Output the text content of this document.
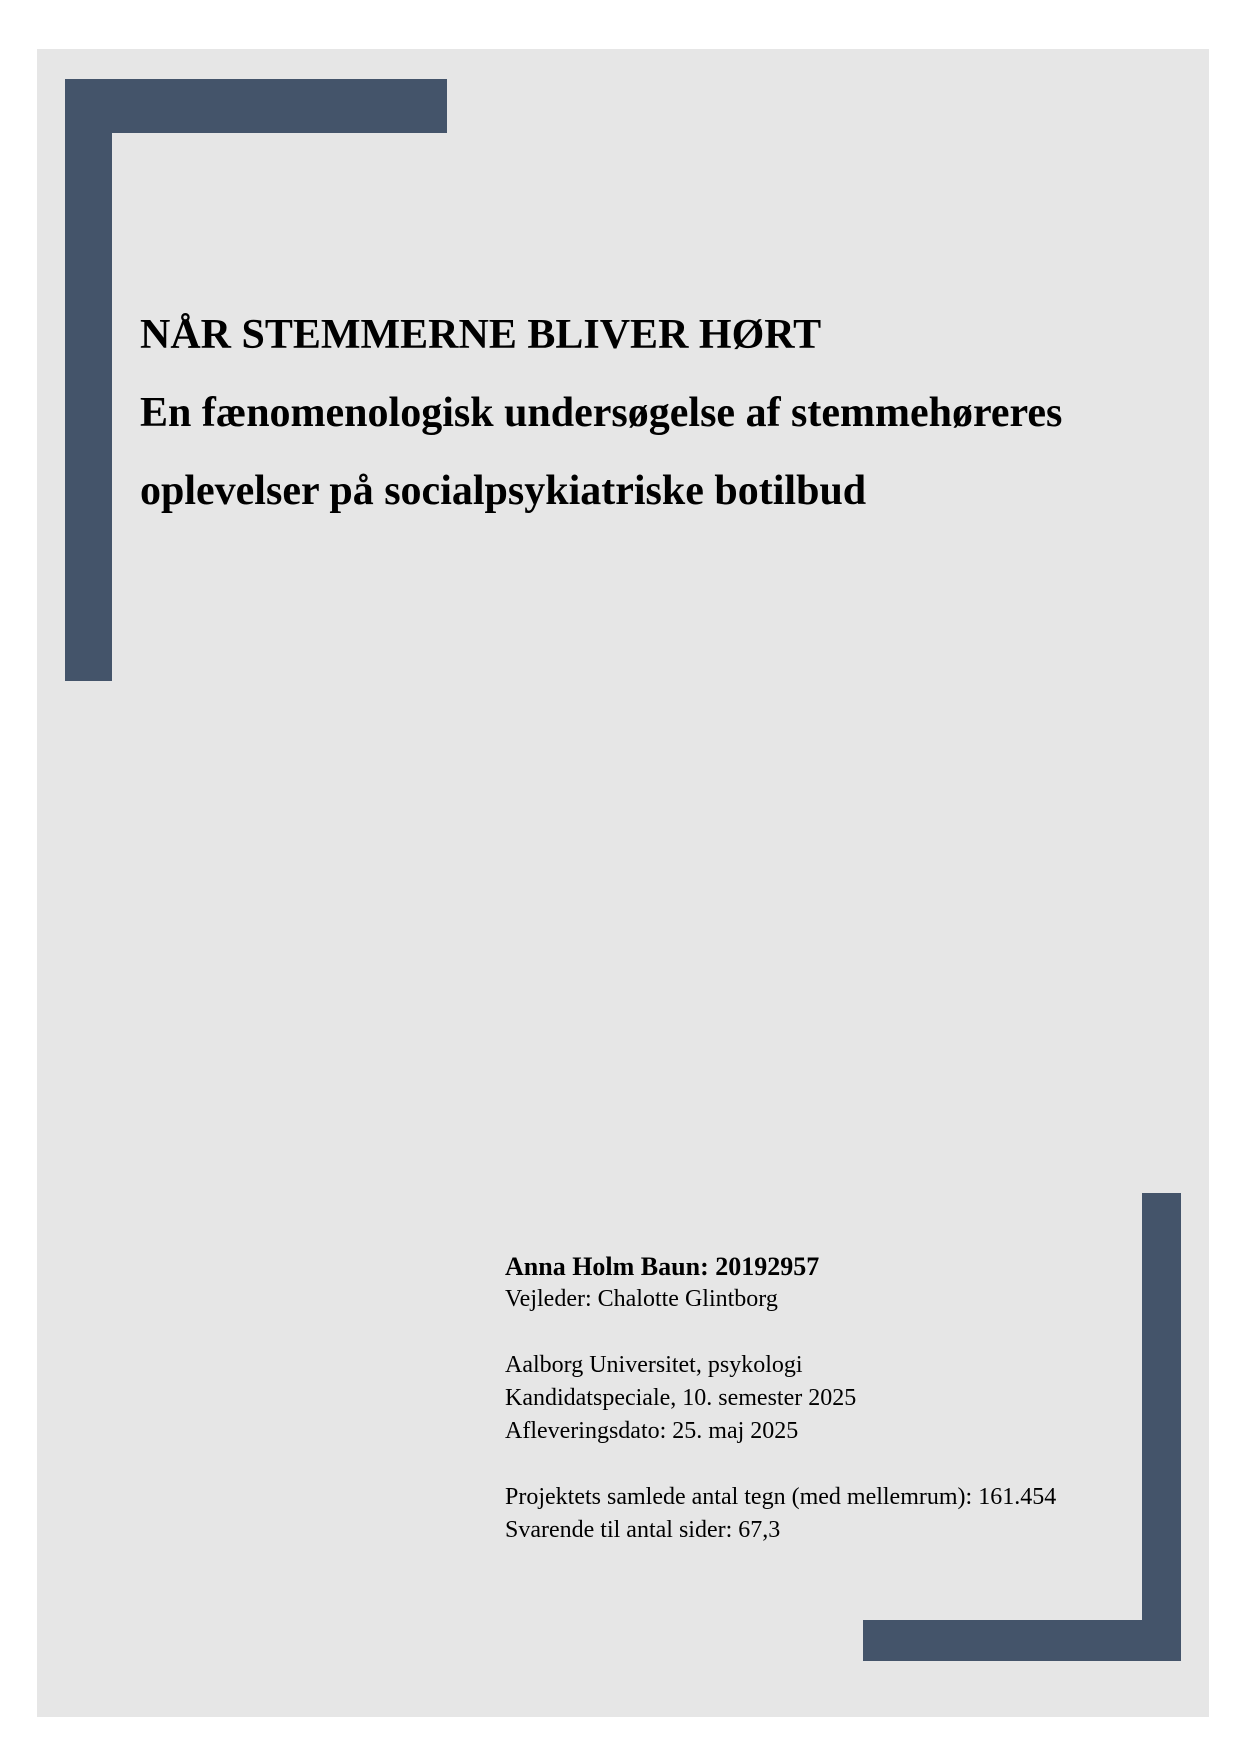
NÅR STEMMERNE BLIVER HØRT
En fænomenologisk undersøgelse af stemmehøreres
oplevelser på socialpsykiatriske botilbud
Anna Holm Baun: 20192957
Vejleder: Chalotte Glintborg
Aalborg Universitet, psykologi
Kandidatspeciale, 10. semester 2025
Afleveringsdato: 25. maj 2025
Projektets samlede antal tegn (med mellemrum): 161.454
Svarende til antal sider: 67,3
